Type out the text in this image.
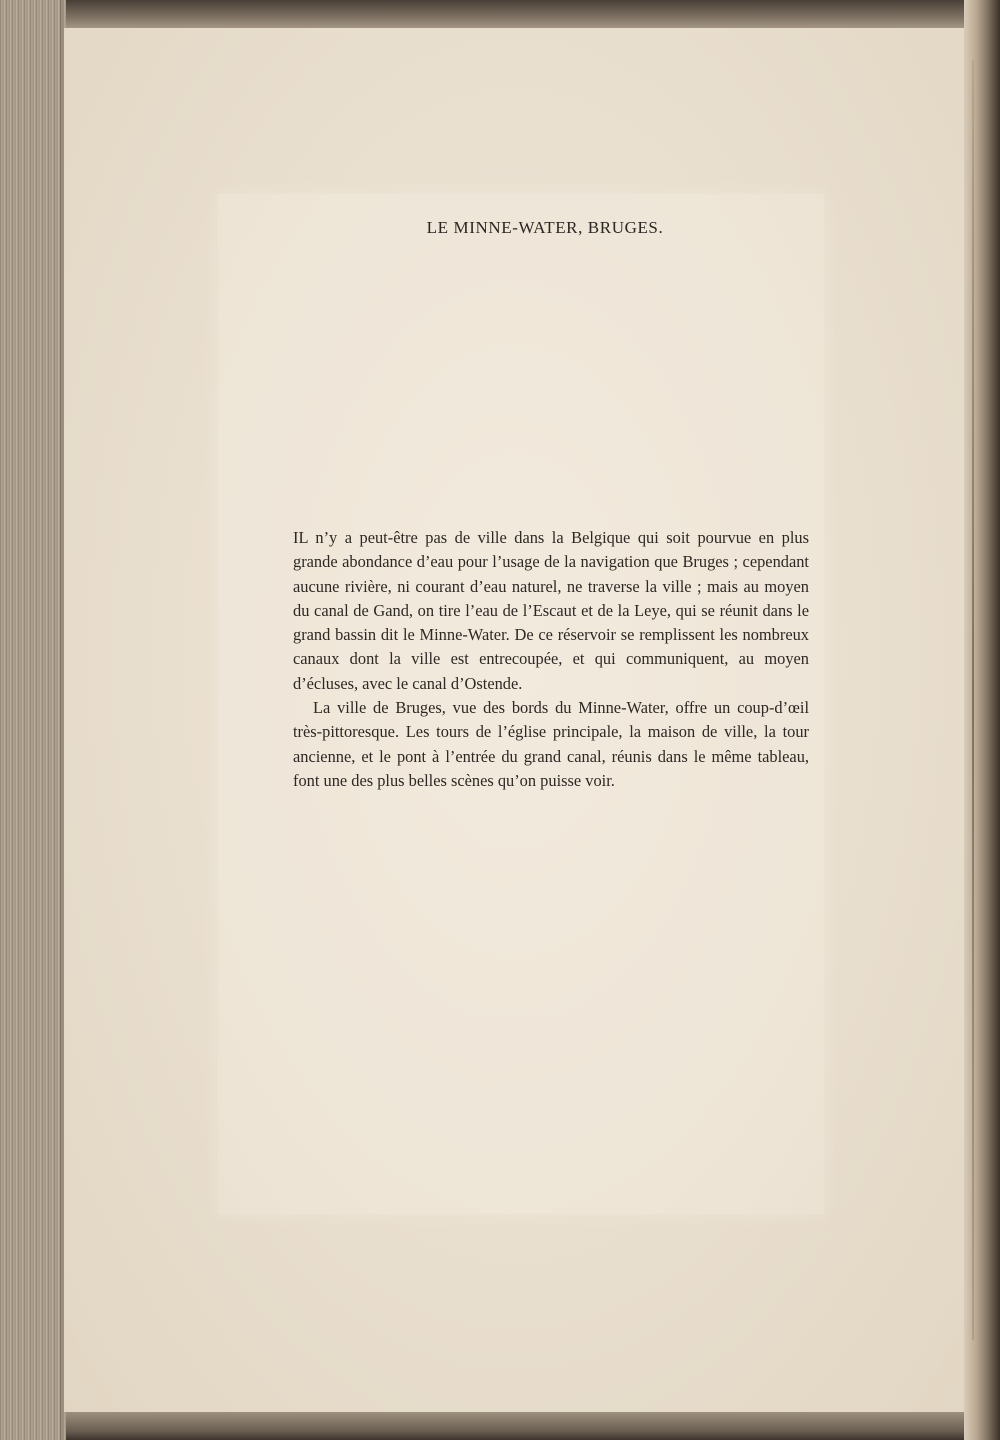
LE MINNE-WATER, BRUGES.

IL n’y a peut-être pas de ville dans la Belgique qui soit pourvue en plus grande abondance d’eau pour l’usage de la navigation que Bruges ; cependant aucune rivière, ni courant d’eau naturel, ne traverse la ville ; mais au moyen du canal de Gand, on tire l’eau de l’Escaut et de la Leye, qui se réunit dans le grand bassin dit le Minne-Water. De ce réservoir se remplissent les nombreux canaux dont la ville est entrecoupée, et qui communiquent, au moyen d’écluses, avec le canal d’Ostende.

La ville de Bruges, vue des bords du Minne-Water, offre un coup-d’œil très-pittoresque. Les tours de l’église principale, la maison de ville, la tour ancienne, et le pont à l’entrée du grand canal, réunis dans le même tableau, font une des plus belles scènes qu’on puisse voir.
